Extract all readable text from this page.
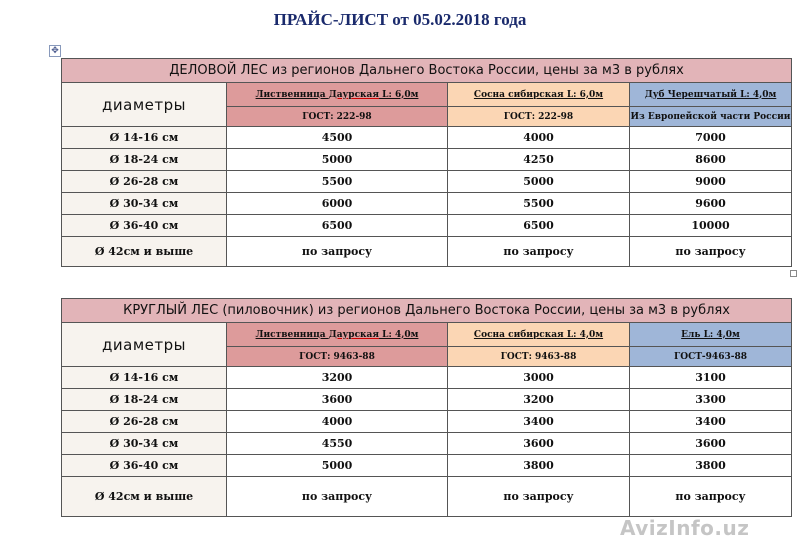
ПРАЙС-ЛИСТ от 05.02.2018 года
✥
ДЕЛОВОЙ ЛЕС из регионов Дальнего Востока России, цены за м3 в рублях			
диаметры	Лиственница Даурская L: 6,0м	Сосна сибирская L: 6,0м	Дуб Черешчатый L: 4,0м
	ГОСТ: 222-98	ГОСТ: 222-98	Из Европейской части России
Ø 14-16 см	4500	4000	7000
Ø 18-24 см	5000	4250	8600
Ø 26-28 см	5500	5000	9000
Ø 30-34 см	6000	5500	9600
Ø 36-40 см	6500	6500	10000
Ø 42см и выше	по запросу	по запросу	по запросу
КРУГЛЫЙ ЛЕС (пиловочник) из регионов Дальнего Востока России, цены за м3 в рублях			
диаметры	Лиственница Даурская L: 4,0м	Сосна сибирская L: 4,0м	Ель L: 4,0м
	ГОСТ: 9463-88	ГОСТ: 9463-88	ГОСТ-9463-88
Ø 14-16 см	3200	3000	3100
Ø 18-24 см	3600	3200	3300
Ø 26-28 см	4000	3400	3400
Ø 30-34 см	4550	3600	3600
Ø 36-40 см	5000	3800	3800
Ø 42см и выше	по запросу	по запросу	по запросу
AvizInfo.uz
